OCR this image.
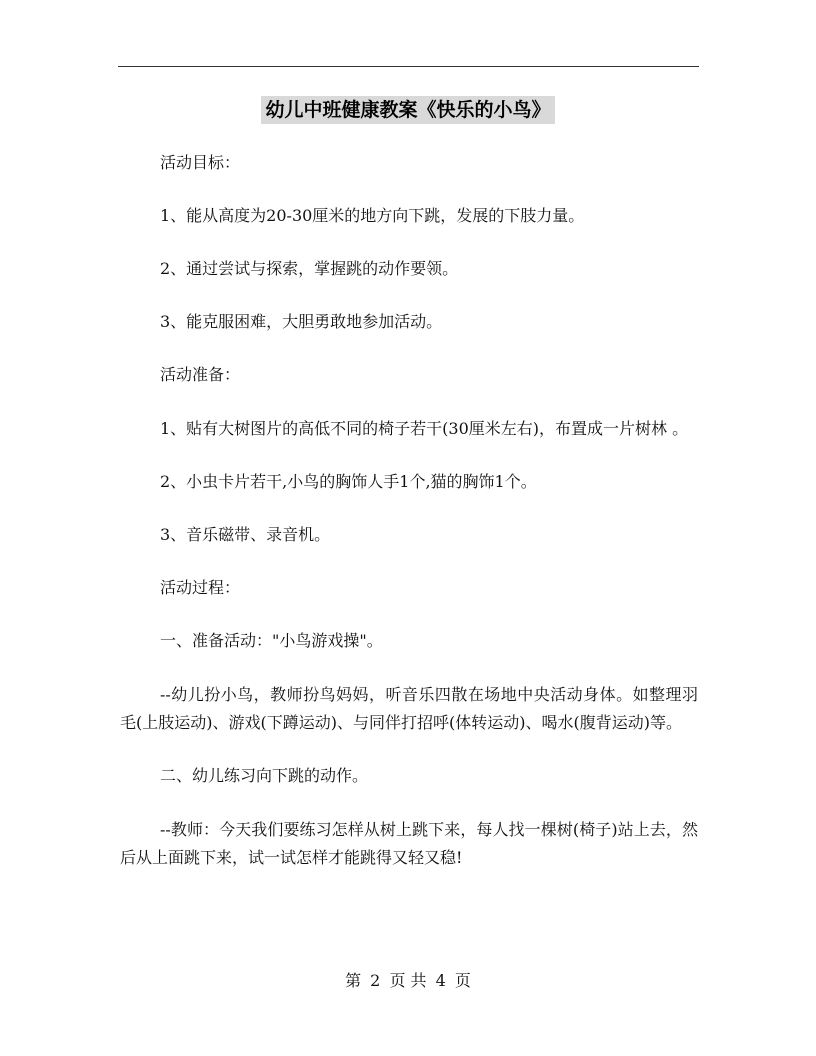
幼儿中班健康教案《快乐的小鸟》

活动目标：

1、能从高度为20-30厘米的地方向下跳，发展的下肢力量。

2、通过尝试与探索，掌握跳的动作要领。

3、能克服困难，大胆勇敢地参加活动。

活动准备：

1、贴有大树图片的高低不同的椅子若干(30厘米左右)，布置成一片树林 。

2、小虫卡片若干,小鸟的胸饰人手1个,猫的胸饰1个。

3、音乐磁带、录音机。

活动过程：

一、准备活动："小鸟游戏操"。

--幼儿扮小鸟，教师扮鸟妈妈，听音乐四散在场地中央活动身体。如整理羽毛(上肢运动)、游戏(下蹲运动)、与同伴打招呼(体转运动)、喝水(腹背运动)等。

二、幼儿练习向下跳的动作。

--教师：今天我们要练习怎样从树上跳下来，每人找一棵树(椅子)站上去，然后从上面跳下来，试一试怎样才能跳得又轻又稳!

第 2 页 共 4 页
